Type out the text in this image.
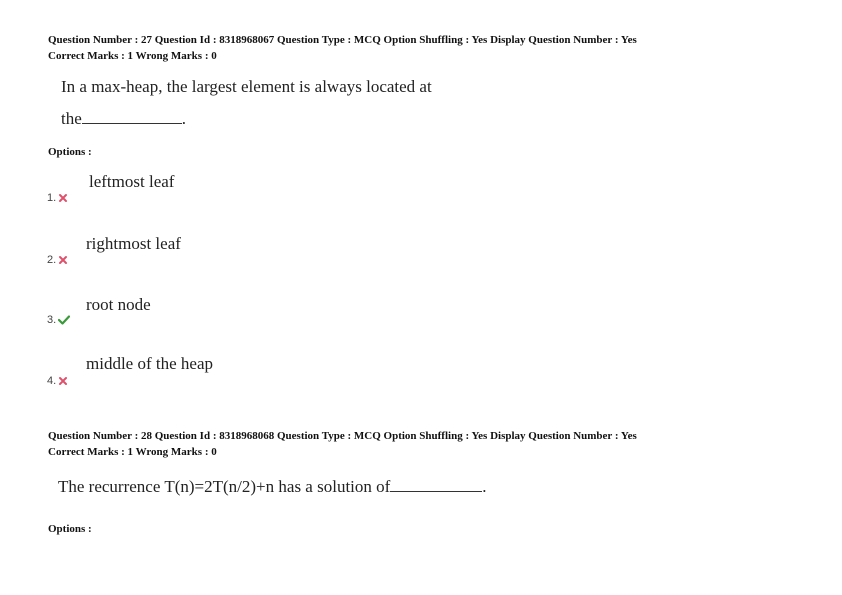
Question Number : 27 Question Id : 8318968067 Question Type : MCQ Option Shuffling : Yes Display Question Number : Yes
Correct Marks : 1 Wrong Marks : 0
In a max-heap, the largest element is always located at
the	.
Options :
leftmost leaf
1.
rightmost leaf
2.
root node
3.
middle of the heap
4.
Question Number : 28 Question Id : 8318968068 Question Type : MCQ Option Shuffling : Yes Display Question Number : Yes
Correct Marks : 1 Wrong Marks : 0
The recurrence T(n)=2T(n/2)+n has a solution of	.
Options :
